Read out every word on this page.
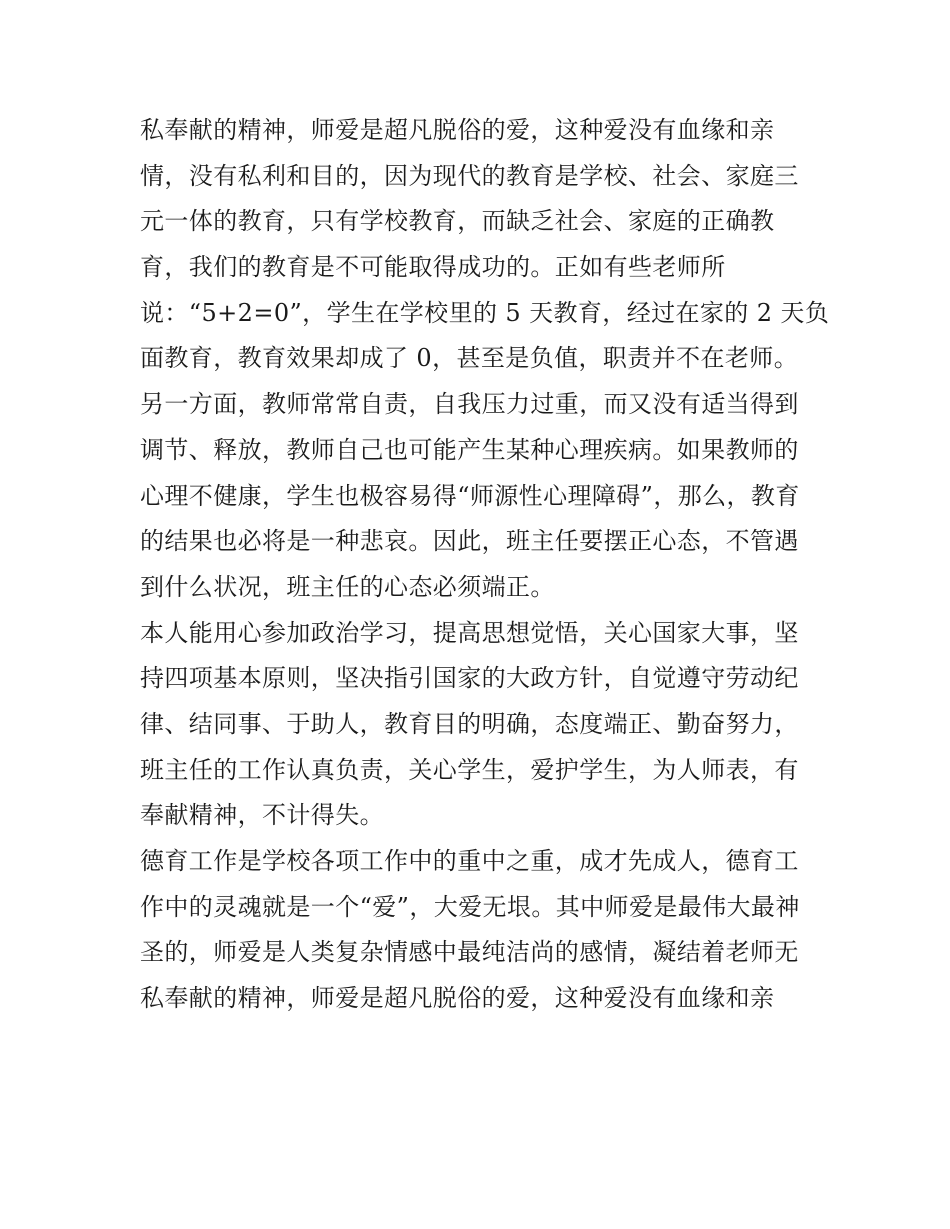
私奉献的精神，师爱是超凡脱俗的爱，这种爱没有血缘和亲
情，没有私利和目的，因为现代的教育是学校、社会、家庭三
元一体的教育，只有学校教育，而缺乏社会、家庭的正确教
育，我们的教育是不可能取得成功的。正如有些老师所
说：“5+2=0”，学生在学校里的 5 天教育，经过在家的 2 天负
面教育，教育效果却成了 0，甚至是负值，职责并不在老师。
另一方面，教师常常自责，自我压力过重，而又没有适当得到
调节、释放，教师自己也可能产生某种心理疾病。如果教师的
心理不健康，学生也极容易得“师源性心理障碍”，那么，教育
的结果也必将是一种悲哀。因此，班主任要摆正心态，不管遇
到什么状况，班主任的心态必须端正。
本人能用心参加政治学习，提高思想觉悟，关心国家大事，坚
持四项基本原则，坚决指引国家的大政方针，自觉遵守劳动纪
律、结同事、于助人，教育目的明确，态度端正、勤奋努力，
班主任的工作认真负责，关心学生，爱护学生，为人师表，有
奉献精神，不计得失。
德育工作是学校各项工作中的重中之重，成才先成人，德育工
作中的灵魂就是一个“爱”，大爱无垠。其中师爱是最伟大最神
圣的，师爱是人类复杂情感中最纯洁尚的感情，凝结着老师无
私奉献的精神，师爱是超凡脱俗的爱，这种爱没有血缘和亲
